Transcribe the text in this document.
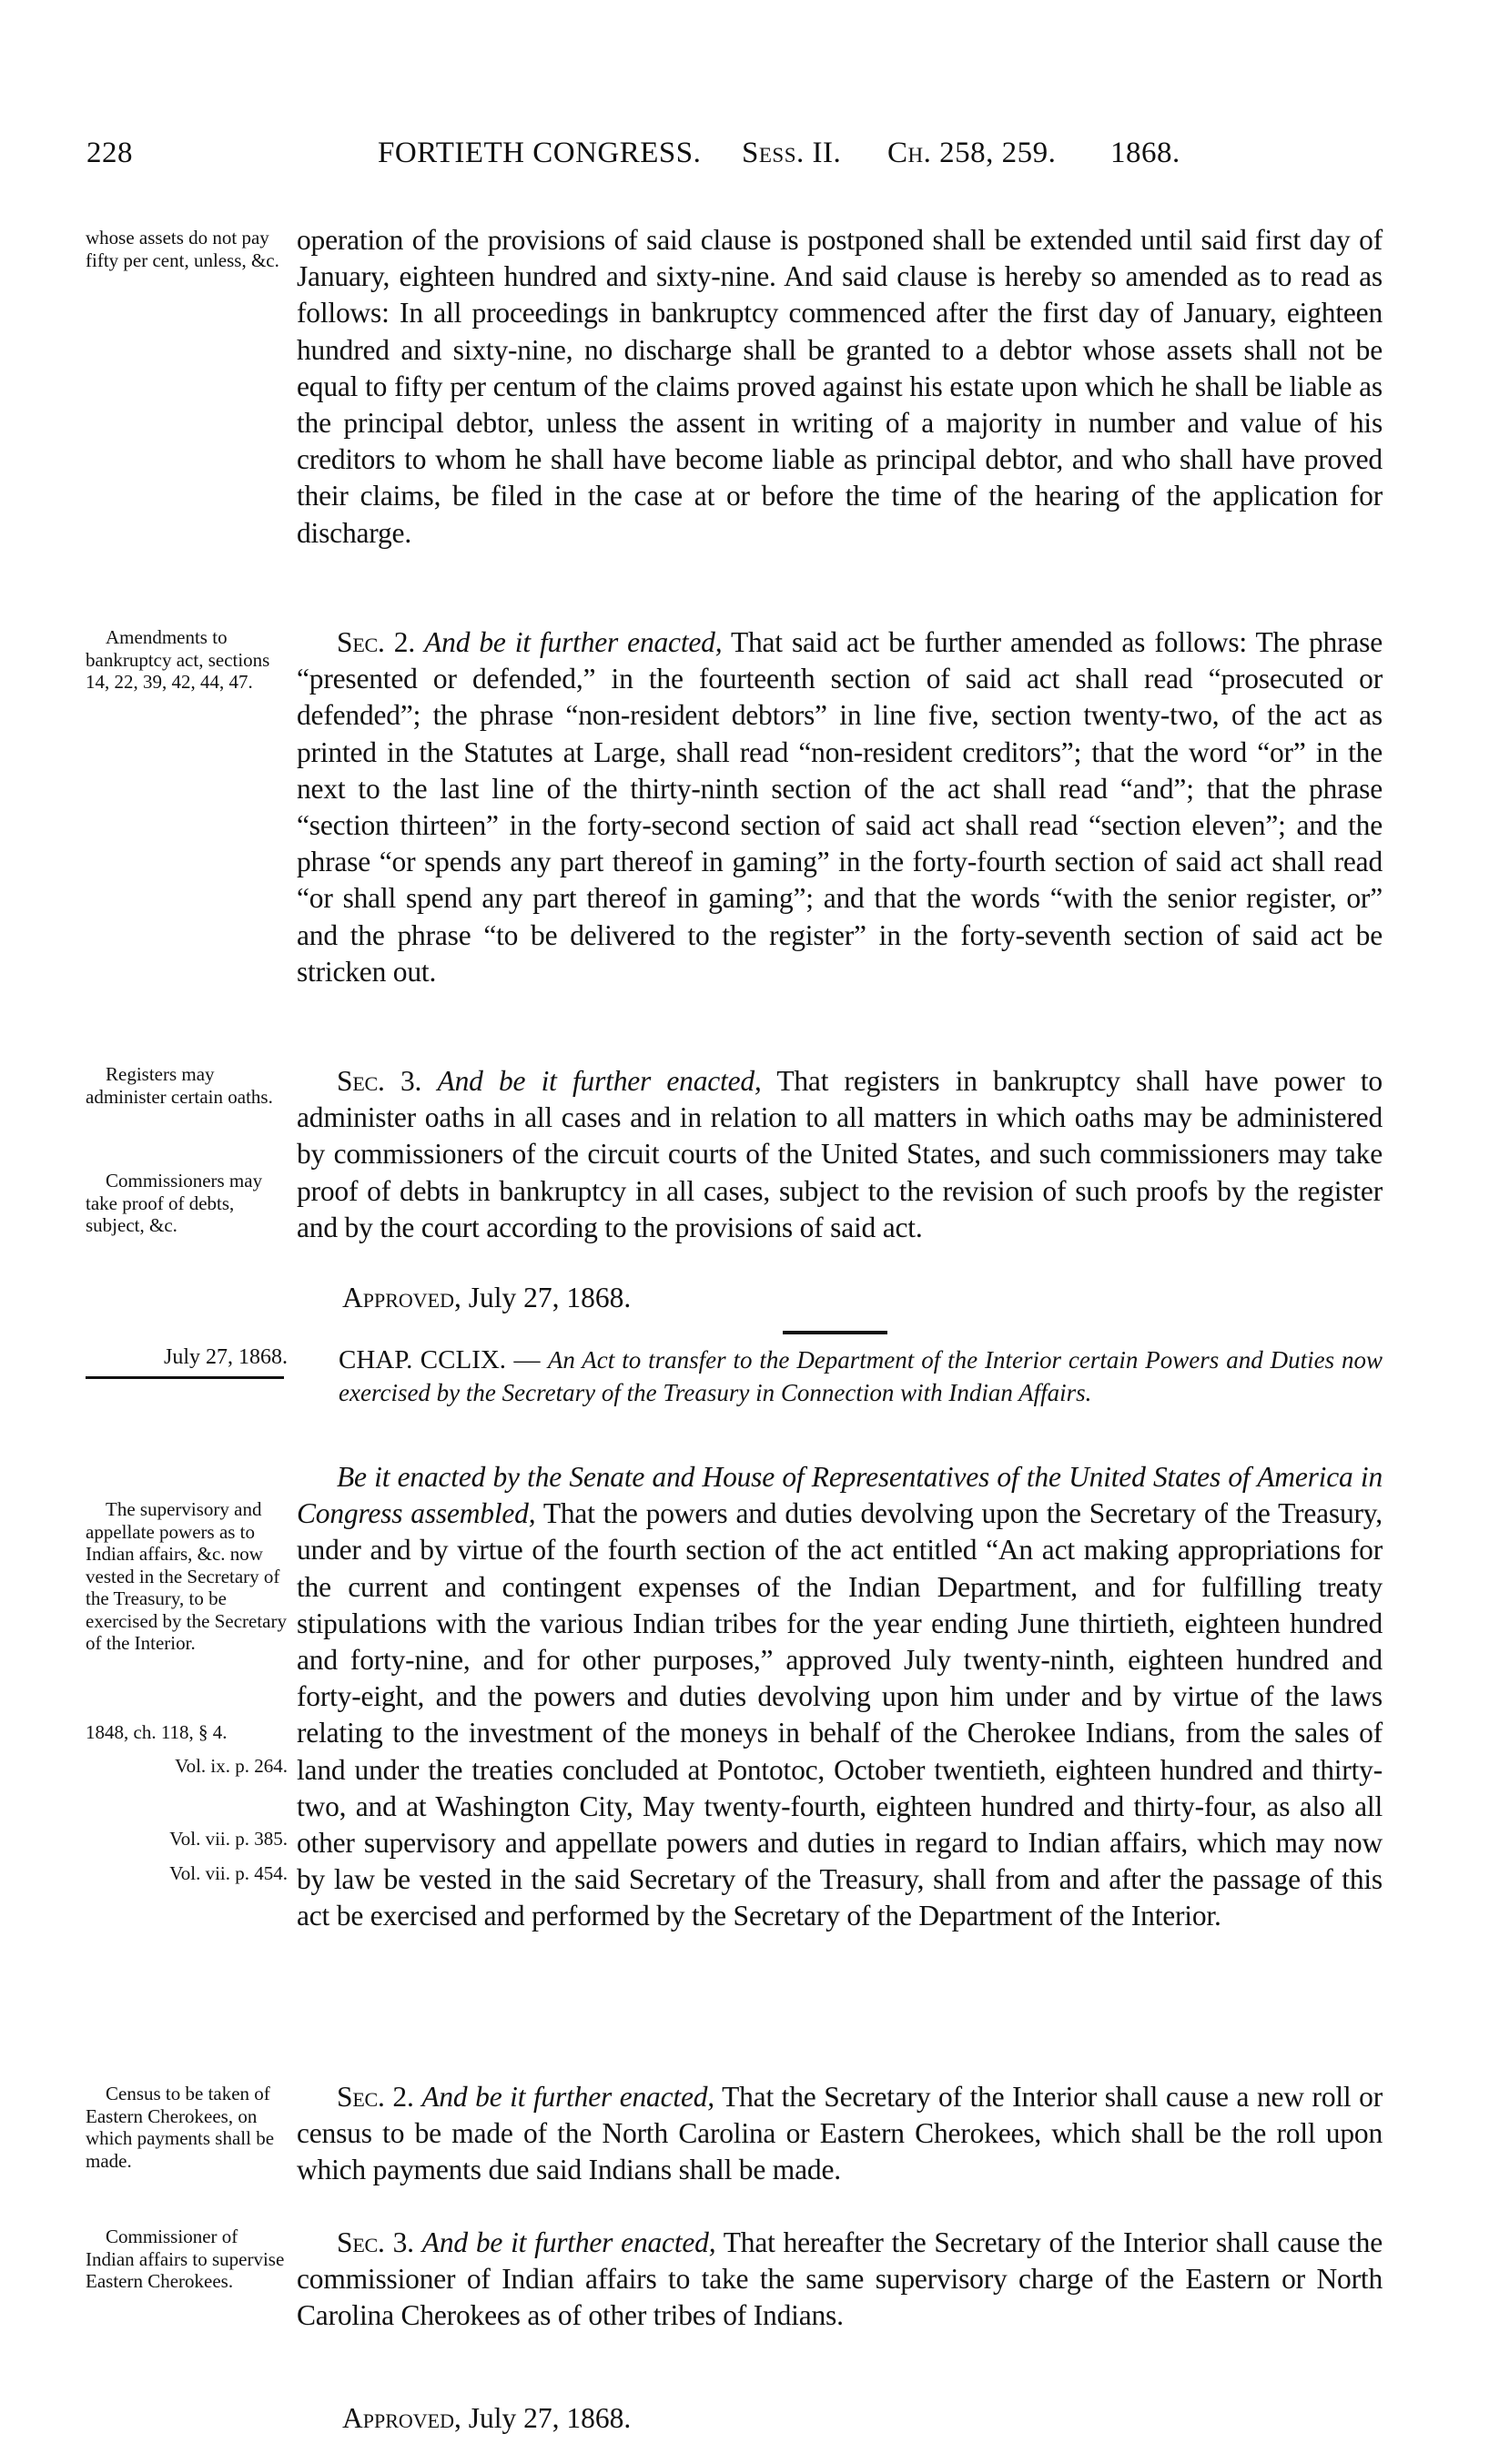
228	FORTIETH CONGRESS. Sess. II. Ch. 258, 259. 1868.
whose assets do not pay fifty per cent, unless, &c.

operation of the provisions of said clause is postponed shall be extended until said first day of January, eighteen hundred and sixty-nine. And said clause is hereby so amended as to read as follows: In all proceedings in bankruptcy commenced after the first day of January, eighteen hundred and sixty-nine, no discharge shall be granted to a debtor whose assets shall not be equal to fifty per centum of the claims proved against his estate upon which he shall be liable as the principal debtor, unless the assent in writing of a majority in number and value of his creditors to whom he shall have become liable as principal debtor, and who shall have proved their claims, be filed in the case at or before the time of the hearing of the application for discharge.

Amendments to bankruptcy act, sections 14, 22, 39, 42, 44, 47.

Sec. 2. And be it further enacted, That said act be further amended as follows: The phrase “presented or defended,” in the fourteenth section of said act shall read “prosecuted or defended”; the phrase “non-resident debtors” in line five, section twenty-two, of the act as printed in the Statutes at Large, shall read “non-resident creditors”; that the word “or” in the next to the last line of the thirty-ninth section of the act shall read “and”; that the phrase “section thirteen” in the forty-second section of said act shall read “section eleven”; and the phrase “or spends any part thereof in gaming” in the forty-fourth section of said act shall read “or shall spend any part thereof in gaming”; and that the words “with the senior register, or” and the phrase “to be delivered to the register” in the forty-seventh section of said act be stricken out.

Registers may administer certain oaths.
Commissioners may take proof of debts, subject, &c.

Sec. 3. And be it further enacted, That registers in bankruptcy shall have power to administer oaths in all cases and in relation to all matters in which oaths may be administered by commissioners of the circuit courts of the United States, and such commissioners may take proof of debts in bankruptcy in all cases, subject to the revision of such proofs by the register and by the court according to the provisions of said act.

Approved, July 27, 1868.
July 27, 1868.	CHAP. CCLIX. — An Act to transfer to the Department of the Interior certain Powers and Duties now exercised by the Secretary of the Treasury in Connection with Indian Affairs.

Be it enacted by the Senate and House of Representatives of the United States of America in Congress assembled, That the powers and duties devolving upon the Secretary of the Treasury, under and by virtue of the fourth section of the act entitled “An act making appropriations for the current and contingent expenses of the Indian Department, and for fulfilling treaty stipulations with the various Indian tribes for the year ending June thirtieth, eighteen hundred and forty-nine, and for other purposes,” approved July twenty-ninth, eighteen hundred and forty-eight, and the powers and duties devolving upon him under and by virtue of the laws relating to the investment of the moneys in behalf of the Cherokee Indians, from the sales of land under the treaties concluded at Pontotoc, October twentieth, eighteen hundred and thirty-two, and at Washington City, May twenty-fourth, eighteen hundred and thirty-four, as also all other supervisory and appellate powers and duties in regard to Indian affairs, which may now by law be vested in the said Secretary of the Treasury, shall from and after the passage of this act be exercised and performed by the Secretary of the Department of the Interior.

The supervisory and appellate powers as to Indian affairs, &c. now vested in the Secretary of the Treasury, to be exercised by the Secretary of the Interior.
1848, ch. 118, § 4.
Vol. ix. p. 264.
Vol. vii. p. 385.
Vol. vii. p. 454.
Census to be taken of Eastern Cherokees, on which payments shall be made.

Sec. 2. And be it further enacted, That the Secretary of the Interior shall cause a new roll or census to be made of the North Carolina or Eastern Cherokees, which shall be the roll upon which payments due said Indians shall be made.

Commissioner of Indian affairs to supervise Eastern Cherokees.

Sec. 3. And be it further enacted, That hereafter the Secretary of the Interior shall cause the commissioner of Indian affairs to take the same supervisory charge of the Eastern or North Carolina Cherokees as of other tribes of Indians.

Approved, July 27, 1868.
